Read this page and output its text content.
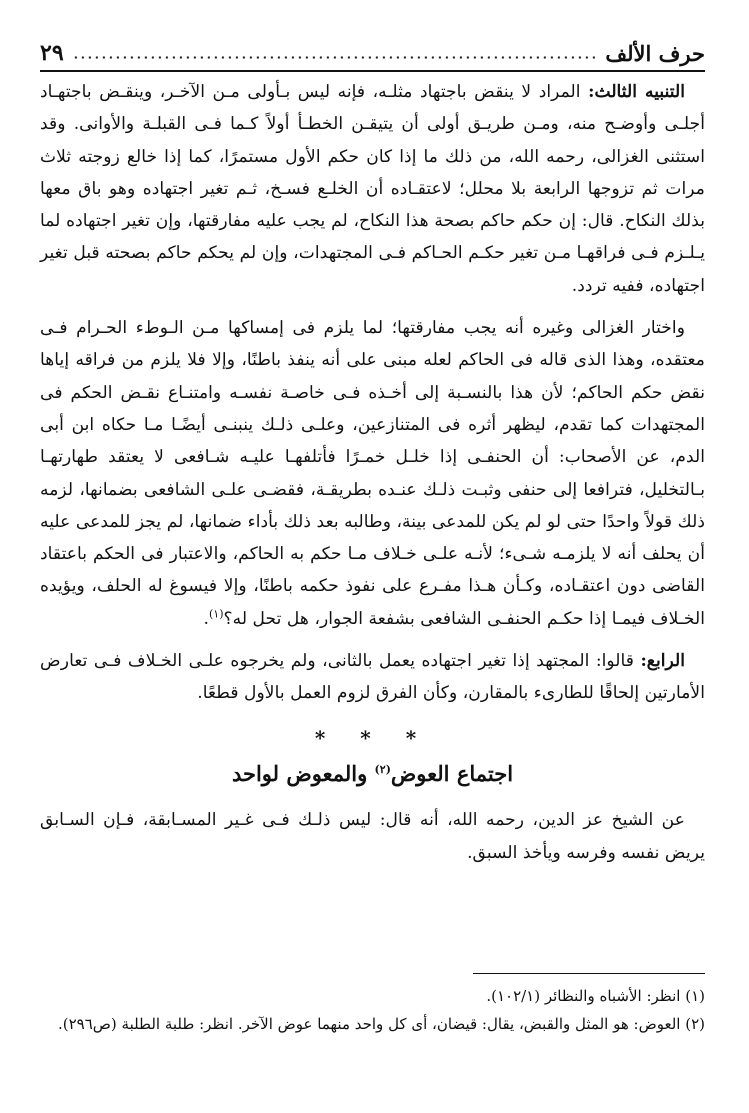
حرف الألف
٢٩

التنبيه الثالث: المراد لا ينقض باجتهاد مثلـه، فإنه ليس بـأولى مـن الآخـر، وينقـض باجتهـاد أجلـى وأوضـح منه، ومـن طريـق أولى أن يتيقـن الخطـأ أولاً كـما فـى القبلـة والأوانى. وقد استثنى الغزالى، رحمه الله، من ذلك ما إذا كان حكم الأول مستمرًا، كما إذا خالع زوجته ثلاث مرات ثم تزوجها الرابعة بلا محلل؛ لاعتقـاده أن الخلـع فسـخ، ثـم تغير اجتهاده وهو باق معها بذلك النكاح. قال: إن حكم حاكم بصحة هذا النكاح، لم يجب عليه مفارقتها، وإن تغير اجتهاده لما يـلـزم فـى فراقهـا مـن تغير حكـم الحـاكم فـى المجتهدات، وإن لم يحكم حاكم بصحته قبل تغير اجتهاده، ففيه تردد.

واختار الغزالى وغيره أنه يجب مفارقتها؛ لما يلزم فى إمساكها مـن الـوطء الحـرام فـى معتقده، وهذا الذى قاله فى الحاكم لعله مبنى على أنه ينفذ باطنًا، وإلا فلا يلزم من فراقه إياها نقض حكم الحاكم؛ لأن هذا بالنسـبة إلى أخـذه فـى خاصـة نفسـه وامتنـاع نقـض الحكم فى المجتهدات كما تقدم، ليظهر أثره فى المتنازعين، وعلـى ذلـك ينبنـى أيضًـا مـا حكاه ابن أبى الدم، عن الأصحاب: أن الحنفـى إذا خلـل خمـرًا فأتلفهـا عليـه شـافعى لا يعتقد طهارتهـا بـالتخليل، فترافعا إلى حنفى وثبـت ذلـك عنـده بطريقـة، فقضـى علـى الشافعى بضمانها، لزمه ذلك قولاً واحدًا حتى لو لم يكن للمدعى بينة، وطالبه بعد ذلك بأداء ضمانها، لم يجز للمدعى عليه أن يحلف أنه لا يلزمـه شـىء؛ لأنـه علـى خـلاف مـا حكم به الحاكم، والاعتبار فى الحكم باعتقاد القاضى دون اعتقـاده، وكـأن هـذا مفـرع على نفوذ حكمه باطنًا، وإلا فيسوغ له الحلف، ويؤيده الخـلاف فيمـا إذا حكـم الحنفـى الشافعى بشفعة الجوار، هل تحل له؟$^{(١)}$.

الرابع: قالوا: المجتهد إذا تغير اجتهاده يعمل بالثانى، ولم يخرجوه علـى الخـلاف فـى تعارض الأمارتين إلحاقًا للطارىء بالمقارن، وكأن الفرق لزوم العمل بالأول قطعًا.

* * *
اجتماع العوض$^{(٢)}$ والمعوض لواحد

عن الشيخ عز الدين، رحمه الله، أنه قال: ليس ذلـك فـى غـير المسـابقة، فـإن السـابق يريض نفسه وفرسه ويأخذ السبق.

(١) انظر: الأشباه والنظائر (١٠٢/١).

(٢) العوض: هو المثل والقبض، يقال: قيضان، أى كل واحد منهما عوض الآخر. انظر: طلبة الطلبة (ص٢٩٦).
